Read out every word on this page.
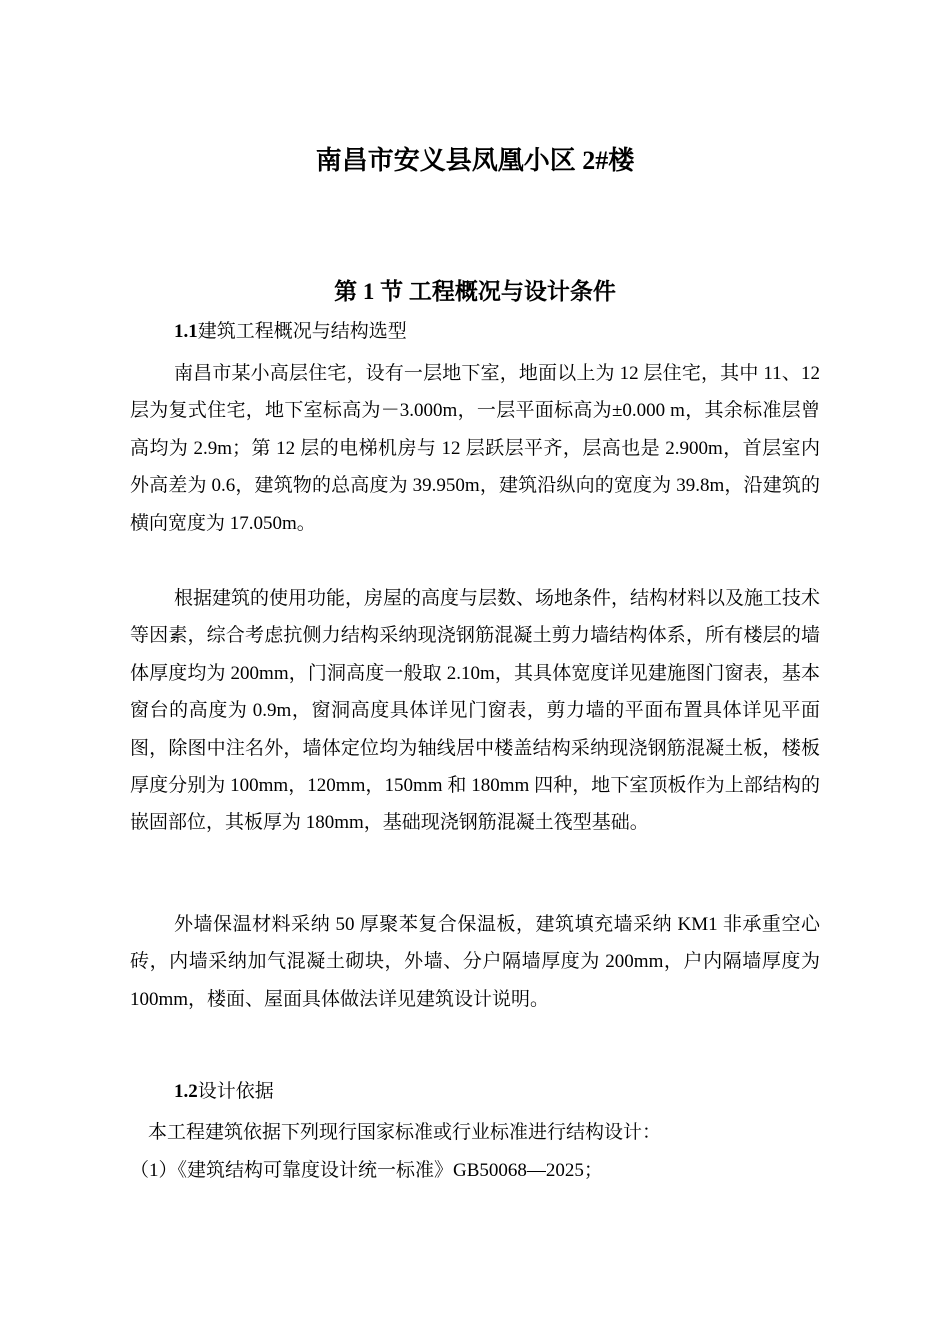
南昌市安义县凤凰小区 2#楼
第 1 节 工程概况与设计条件

1.1建筑工程概况与结构选型

南昌市某小高层住宅，设有一层地下室，地面以上为 12 层住宅，其中 11、12 层为复式住宅，地下室标高为－3.000m，一层平面标高为±0.000 m，其余标准层曾高均为 2.9m；第 12 层的电梯机房与 12 层跃层平齐，层高也是 2.900m，首层室内外高差为 0.6，建筑物的总高度为 39.950m，建筑沿纵向的宽度为 39.8m，沿建筑的横向宽度为 17.050m。

根据建筑的使用功能，房屋的高度与层数、场地条件，结构材料以及施工技术等因素，综合考虑抗侧力结构采纳现浇钢筋混凝土剪力墙结构体系，所有楼层的墙体厚度均为 200mm，门洞高度一般取 2.10m，其具体宽度详见建施图门窗表，基本窗台的高度为 0.9m，窗洞高度具体详见门窗表，剪力墙的平面布置具体详见平面图，除图中注名外，墙体定位均为轴线居中楼盖结构采纳现浇钢筋混凝土板，楼板厚度分别为 100mm，120mm，150mm 和 180mm 四种，地下室顶板作为上部结构的嵌固部位，其板厚为 180mm，基础现浇钢筋混凝土筏型基础。

外墙保温材料采纳 50 厚聚苯复合保温板，建筑填充墙采纳 KM1 非承重空心砖，内墙采纳加气混凝土砌块，外墙、分户隔墙厚度为 200mm，户内隔墙厚度为 100mm，楼面、屋面具体做法详见建筑设计说明。

1.2设计依据

本工程建筑依据下列现行国家标准或行业标准进行结构设计：

（1）《建筑结构可靠度设计统一标准》GB50068—2025；
